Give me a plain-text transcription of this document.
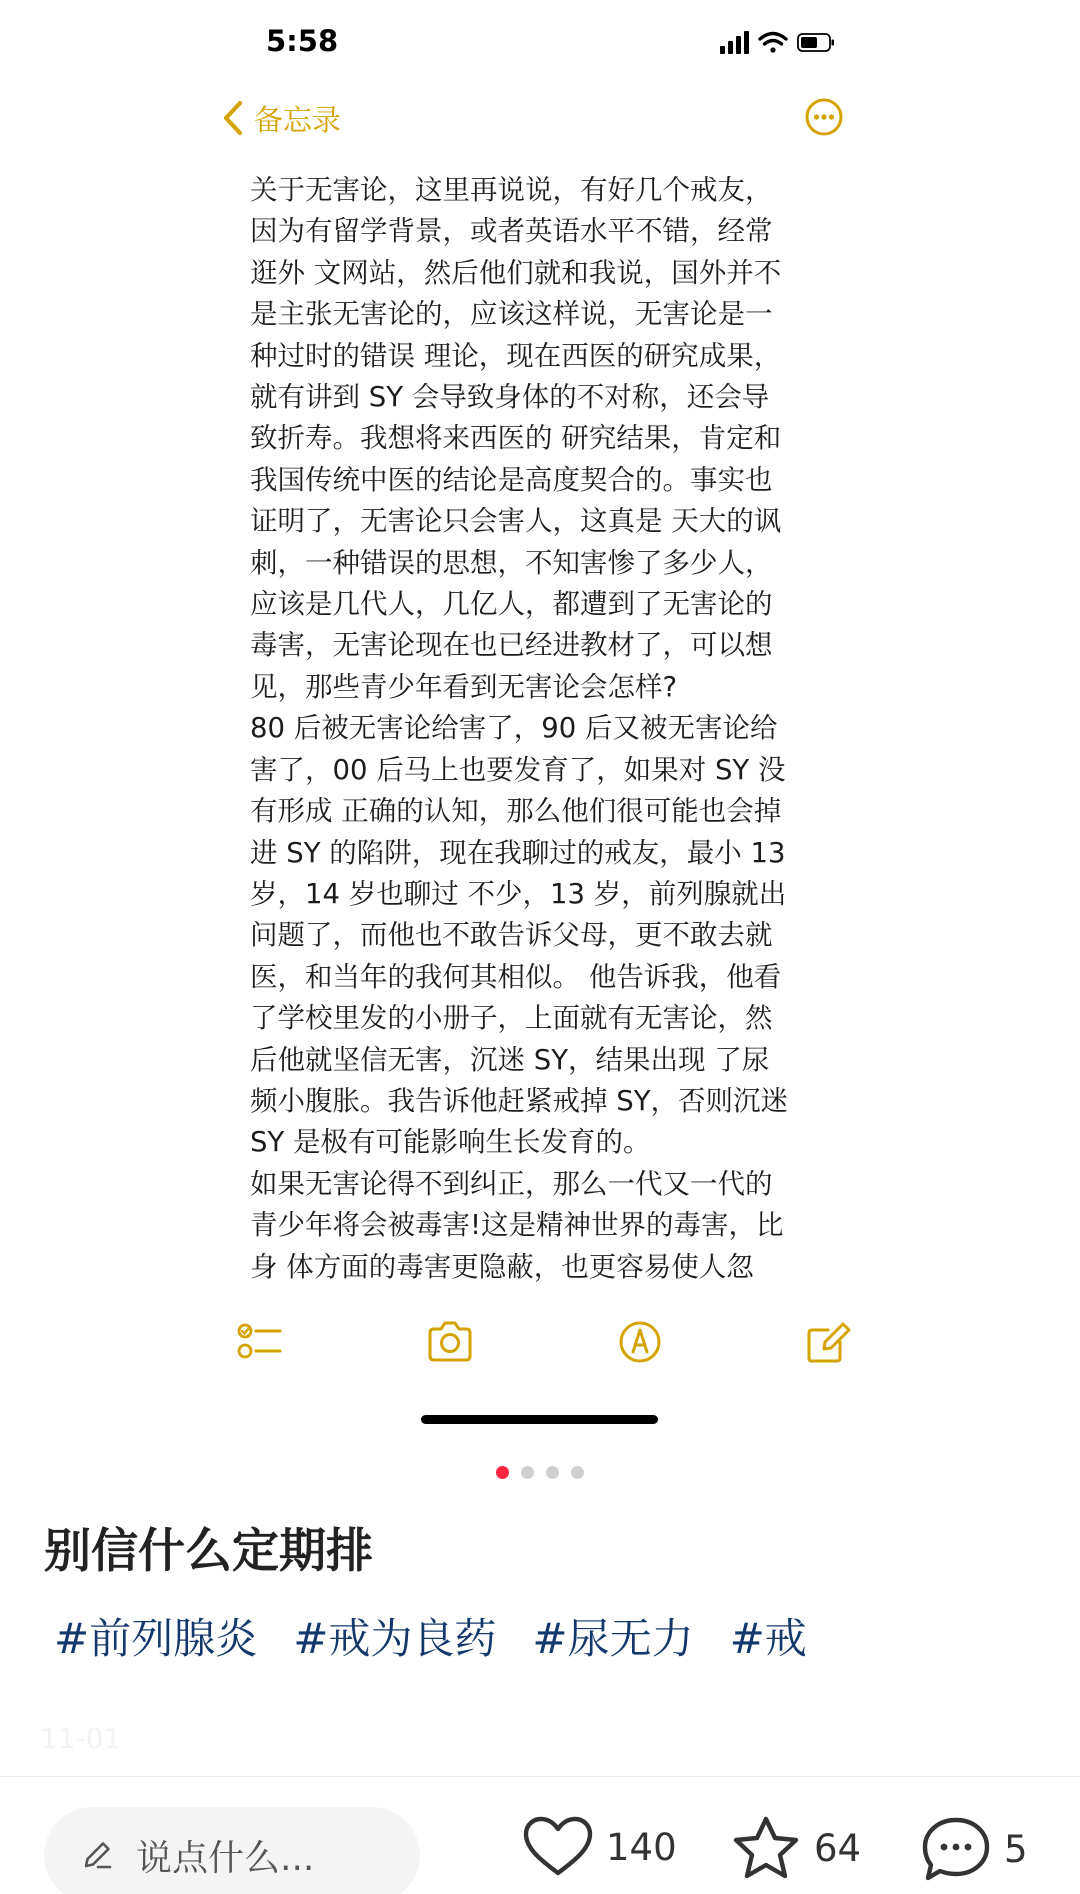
5:58
备忘录
关于无害论，这里再说说，有好几个戒友，
因为有留学背景，或者英语水平不错，经常
逛外 文网站，然后他们就和我说，国外并不
是主张无害论的，应该这样说，无害论是一
种过时的错误 理论，现在西医的研究成果，
就有讲到 SY 会导致身体的不对称，还会导
致折寿。我想将来西医的 研究结果，肯定和
我国传统中医的结论是高度契合的。事实也
证明了，无害论只会害人，这真是 天大的讽
刺，一种错误的思想，不知害惨了多少人，
应该是几代人，几亿人，都遭到了无害论的
毒害，无害论现在也已经进教材了，可以想
见，那些青少年看到无害论会怎样?
80 后被无害论给害了，90 后又被无害论给
害了，00 后马上也要发育了，如果对 SY 没
有形成 正确的认知，那么他们很可能也会掉
进 SY 的陷阱，现在我聊过的戒友，最小 13
岁，14 岁也聊过 不少，13 岁，前列腺就出
问题了，而他也不敢告诉父母，更不敢去就
医，和当年的我何其相似。 他告诉我，他看
了学校里发的小册子，上面就有无害论，然
后他就坚信无害，沉迷 SY，结果出现 了尿
频小腹胀。我告诉他赶紧戒掉 SY，否则沉迷
SY 是极有可能影响生长发育的。
如果无害论得不到纠正，那么一代又一代的
青少年将会被毒害!这是精神世界的毒害，比
身 体方面的毒害更隐蔽，也更容易使人忽
别信什么定期排
#前列腺炎 #戒为良药 #尿无力 #戒
11-01
说点什么...	140	64	5
